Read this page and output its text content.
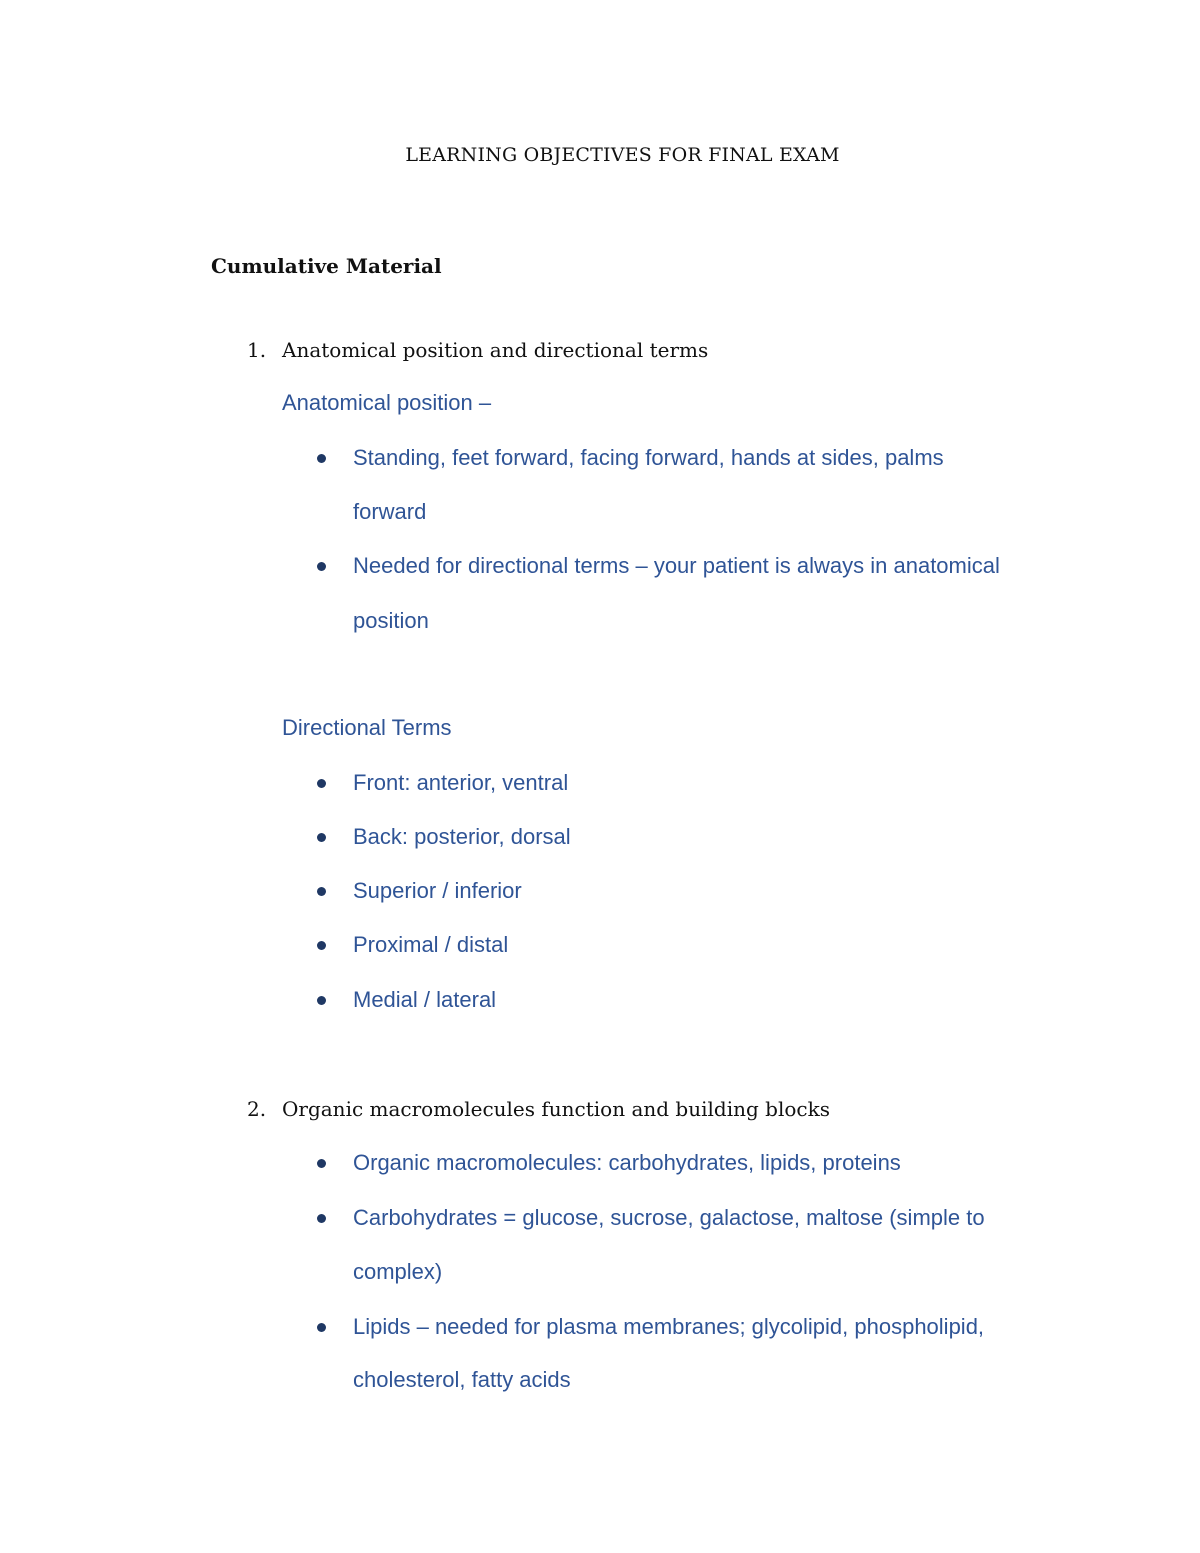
LEARNING OBJECTIVES FOR FINAL EXAM
Cumulative Material
1. Anatomical position and directional terms
Anatomical position –
Standing, feet forward, facing forward, hands at sides, palms
forward
Needed for directional terms – your patient is always in anatomical
position
Directional Terms
Front: anterior, ventral
Back: posterior, dorsal
Superior / inferior
Proximal / distal
Medial / lateral
2. Organic macromolecules function and building blocks
Organic macromolecules: carbohydrates, lipids, proteins
Carbohydrates = glucose, sucrose, galactose, maltose (simple to
complex)
Lipids – needed for plasma membranes; glycolipid, phospholipid,
cholesterol, fatty acids
